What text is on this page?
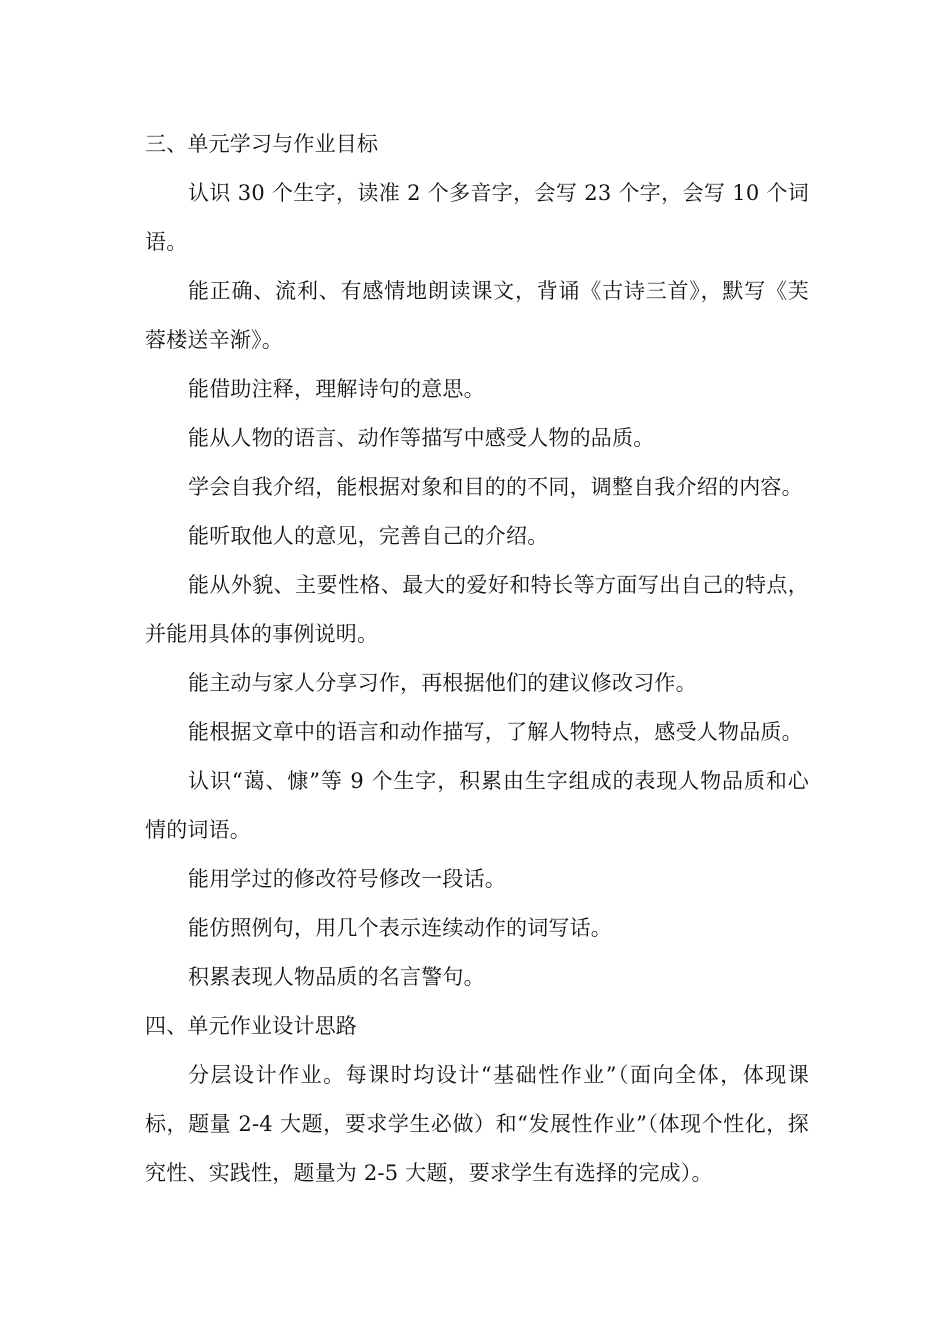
三、单元学习与作业目标

认识 30 个生字，读准 2 个多音字，会写 23 个字，会写 10 个词语。

能正确、流利、有感情地朗读课文，背诵《古诗三首》，默写《芙蓉楼送辛渐》。

能借助注释，理解诗句的意思。

能从人物的语言、动作等描写中感受人物的品质。

学会自我介绍，能根据对象和目的的不同，调整自我介绍的内容。

能听取他人的意见，完善自己的介绍。

能从外貌、主要性格、最大的爱好和特长等方面写出自己的特点，并能用具体的事例说明。

能主动与家人分享习作，再根据他们的建议修改习作。

能根据文章中的语言和动作描写，了解人物特点，感受人物品质。

认识“蔼、慷”等 9 个生字，积累由生字组成的表现人物品质和心情的词语。

能用学过的修改符号修改一段话。

能仿照例句，用几个表示连续动作的词写话。

积累表现人物品质的名言警句。

四、单元作业设计思路

分层设计作业。每课时均设计“基础性作业”（面向全体，体现课标，题量 2-4 大题，要求学生必做）和“发展性作业”（体现个性化，探究性、实践性，题量为 2-5 大题，要求学生有选择的完成）。
